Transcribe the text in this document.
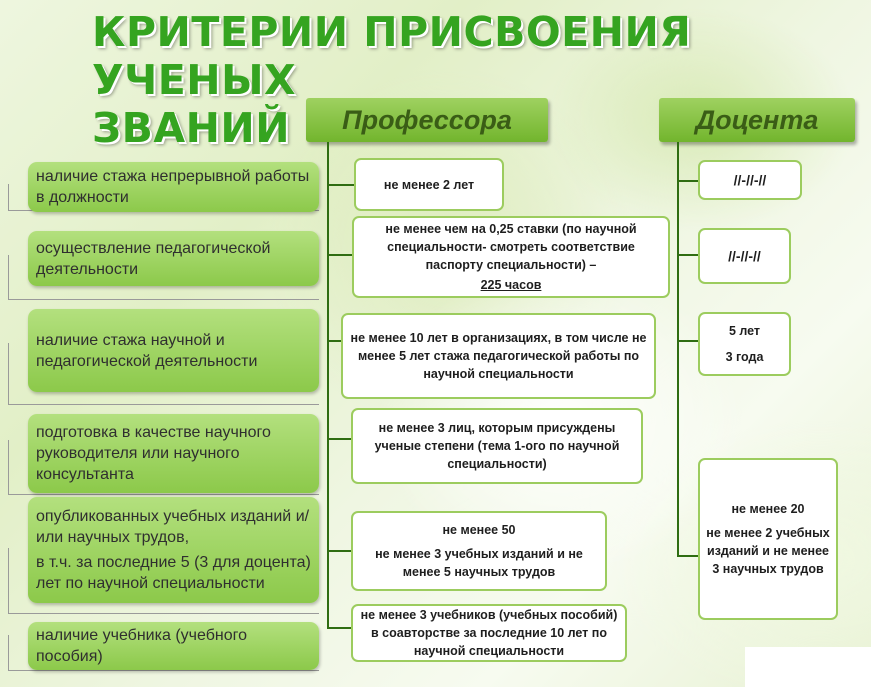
КРИТЕРИИ ПРИСВОЕНИЯ УЧЕНЫХ
ЗВАНИЙ	Профессора	Доцента
наличие стажа непрерывной работы в должности
осуществление педагогической деятельности
наличие стажа научной и педагогической деятельности
подготовка в качестве научного руководителя или научного консультанта
опубликованных учебных изданий и/или научных трудов,
в т.ч. за последние 5 (3 для доцента) лет по научной специальности
наличие учебника (учебного пособия)
не менее 2 лет
не менее чем на 0,25 ставки (по научной специальности- смотреть соответствие паспорту специальности) –
225 часов
не менее 10 лет в организациях, в том числе не менее 5 лет стажа педагогической работы по научной специальности
не менее 3 лиц, которым присуждены ученые степени (тема 1-ого по научной специальности)
не менее 50
не менее 3 учебных изданий и не менее 5 научных трудов
не менее 3 учебников (учебных пособий) в соавторстве за последние 10 лет по научной специальности
//-//-//
//-//-//
5 лет
3 года
не менее 20
не менее 2 учебных изданий и не менее 3 научных трудов
